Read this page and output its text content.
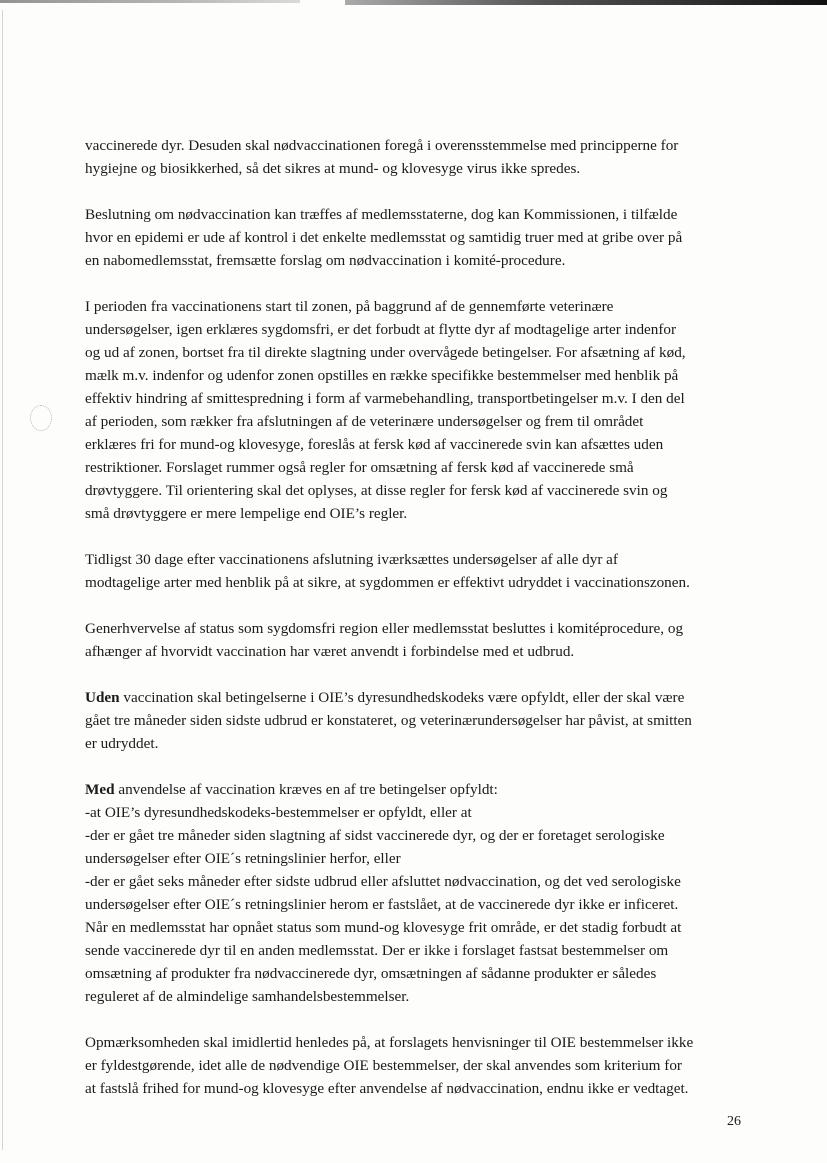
vaccinerede dyr. Desuden skal nødvaccinationen foregå i overensstemmelse med principperne for
hygiejne og biosikkerhed, så det sikres at mund- og klovesyge virus ikke spredes.

Beslutning om nødvaccination kan træffes af medlemsstaterne, dog kan Kommissionen, i tilfælde
hvor en epidemi er ude af kontrol i det enkelte medlemsstat og samtidig truer med at gribe over på
en nabomedlemsstat, fremsætte forslag om nødvaccination i komité-procedure.

I perioden fra vaccinationens start til zonen, på baggrund af de gennemførte veterinære
undersøgelser, igen erklæres sygdomsfri, er det forbudt at flytte dyr af modtagelige arter indenfor
og ud af zonen, bortset fra til direkte slagtning under overvågede betingelser. For afsætning af kød,
mælk m.v. indenfor og udenfor zonen opstilles en række specifikke bestemmelser med henblik på
effektiv hindring af smittespredning i form af varmebehandling, transportbetingelser m.v. I den del
af perioden, som rækker fra afslutningen af de veterinære undersøgelser og frem til området
erklæres fri for mund-og klovesyge, foreslås at fersk kød af vaccinerede svin kan afsættes uden
restriktioner. Forslaget rummer også regler for omsætning af fersk kød af vaccinerede små
drøvtyggere. Til orientering skal det oplyses, at disse regler for fersk kød af vaccinerede svin og
små drøvtyggere er mere lempelige end OIE’s regler.

Tidligst 30 dage efter vaccinationens afslutning iværksættes undersøgelser af alle dyr af
modtagelige arter med henblik på at sikre, at sygdommen er effektivt udryddet i vaccinationszonen.

Generhvervelse af status som sygdomsfri region eller medlemsstat besluttes i komitéprocedure, og
afhænger af hvorvidt vaccination har været anvendt i forbindelse med et udbrud.

Uden vaccination skal betingelserne i OIE’s dyresundhedskodeks være opfyldt, eller der skal være
gået tre måneder siden sidste udbrud er konstateret, og veterinærundersøgelser har påvist, at smitten
er udryddet.

Med anvendelse af vaccination kræves en af tre betingelser opfyldt:
-at OIE’s dyresundhedskodeks-bestemmelser er opfyldt, eller at
-der er gået tre måneder siden slagtning af sidst vaccinerede dyr, og der er foretaget serologiske
undersøgelser efter OIE´s retningslinier herfor, eller
-der er gået seks måneder efter sidste udbrud eller afsluttet nødvaccination, og det ved serologiske
undersøgelser efter OIE´s retningslinier herom er fastslået, at de vaccinerede dyr ikke er inficeret.
Når en medlemsstat har opnået status som mund-og klovesyge frit område, er det stadig forbudt at
sende vaccinerede dyr til en anden medlemsstat. Der er ikke i forslaget fastsat bestemmelser om
omsætning af produkter fra nødvaccinerede dyr, omsætningen af sådanne produkter er således
reguleret af de almindelige samhandelsbestemmelser.

Opmærksomheden skal imidlertid henledes på, at forslagets henvisninger til OIE bestemmelser ikke
er fyldestgørende, idet alle de nødvendige OIE bestemmelser, der skal anvendes som kriterium for
at fastslå frihed for mund-og klovesyge efter anvendelse af nødvaccination, endnu ikke er vedtaget.

26
